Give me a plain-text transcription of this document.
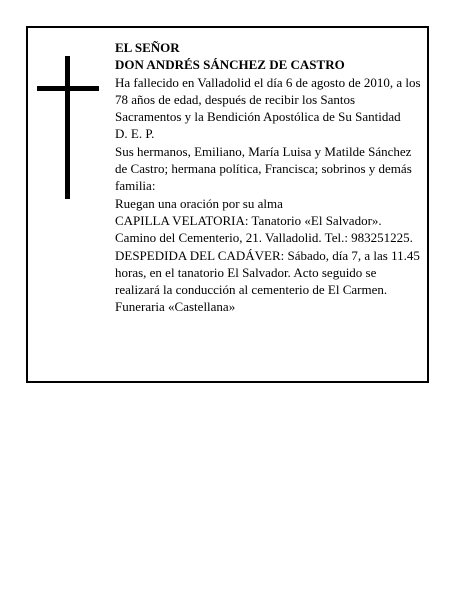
EL SEÑOR

DON ANDRÉS SÁNCHEZ DE CASTRO

Ha fallecido en Valladolid el día 6 de agosto de 2010, a los 78 años de edad, después de recibir los Santos Sacramentos y la Bendición Apostólica de Su Santidad

D. E. P.

Sus hermanos, Emiliano, María Luisa y Matilde Sánchez de Castro; hermana política, Francisca; sobrinos y demás familia:

Ruegan una oración por su alma

CAPILLA VELATORIA: Tanatorio «El Salvador». Camino del Cementerio, 21. Valladolid. Tel.: 983251225.

DESPEDIDA DEL CADÁVER: Sábado, día 7, a las 11.45 horas, en el tanatorio El Salvador. Acto seguido se realizará la conducción al cementerio de El Carmen.

Funeraria «Castellana»
